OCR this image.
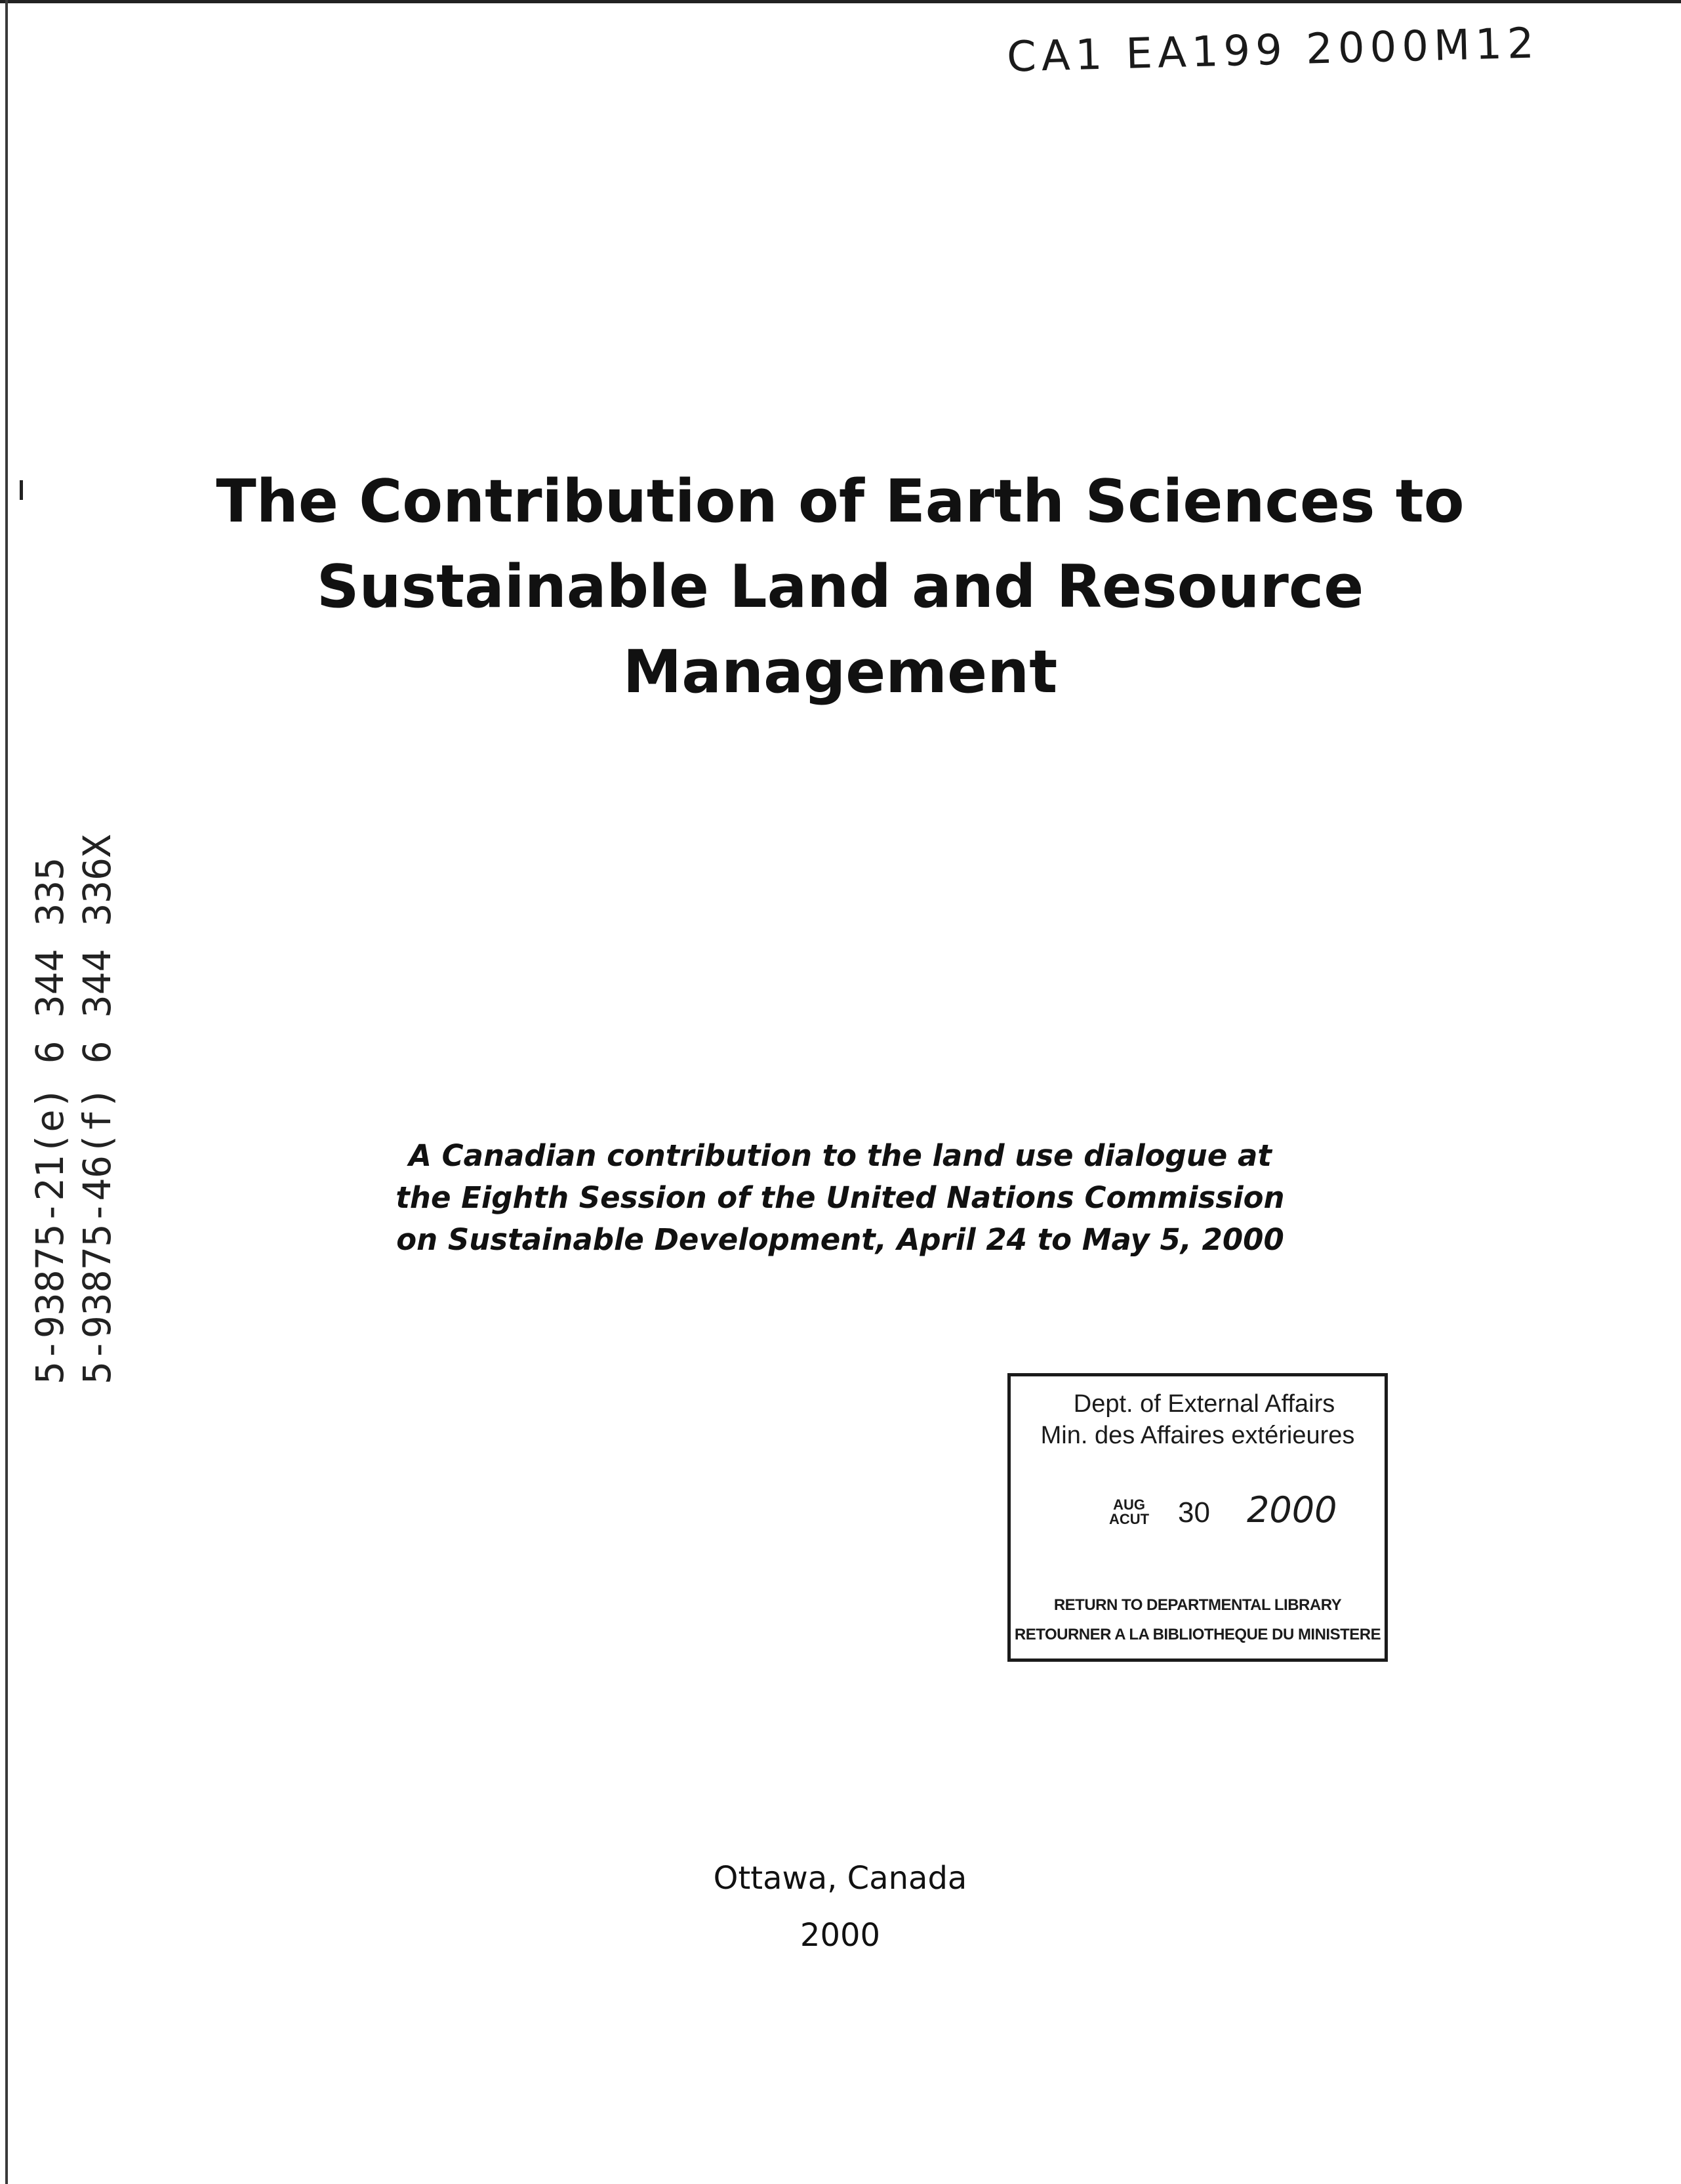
CA1 EA199 2000M12
The Contribution of Earth Sciences to
Sustainable Land and Resource
Management
5-93875-21(e) 6 344 335 5-93875-46(f) 6 344 336X	A Canadian contribution to the land use dialogue at
the Eighth Session of the United Nations Commission
on Sustainable Development, April 24 to May 5, 2000

Dept. of External Affairs
Min. des Affaires extérieures
AUG
ACUT 30 2000
RETURN TO DEPARTMENTAL LIBRARY
RETOURNER A LA BIBLIOTHEQUE DU MINISTERE
Ottawa, Canada
2000
